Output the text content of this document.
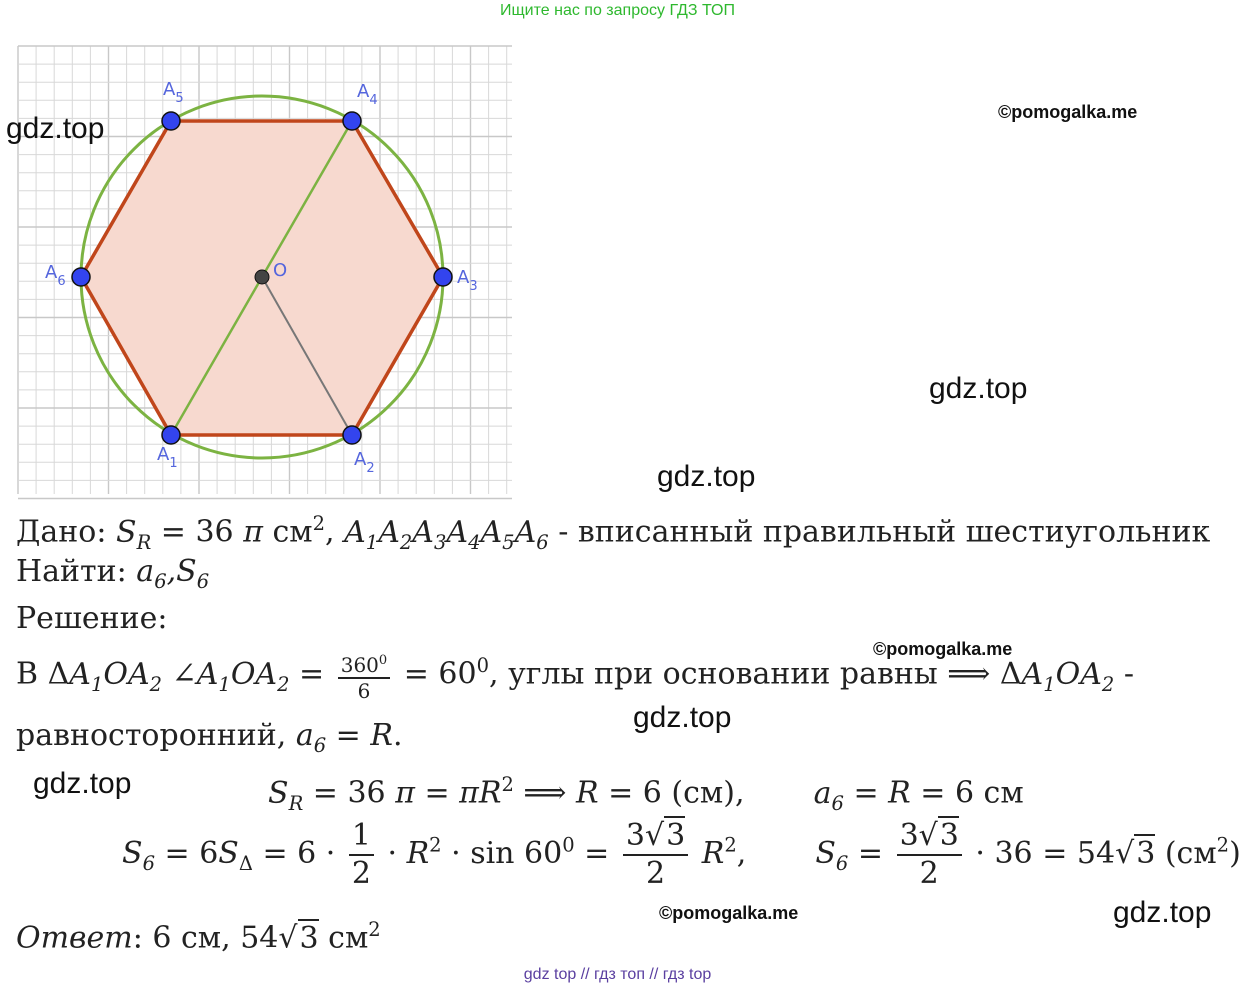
Ищите нас по запросу ГДЗ ТОП
$A_1$	$A_2$
$A_3$
$A_4$
$A_5$
$A_6$
O
gdz.top	©pomogalka.me
gdz.top
gdz.top
©pomogalka.me
gdz.top
gdz.top
©pomogalka.me	gdz.top
Дано: $S_R = 36$ π $см^2$, $A_1A_2A_3A_4A_5A_6$ - вписанный правильный шестиугольник
Найти: $a_6,S_6$
Решение:
В $\Delta A_1OA_2$ $\angle A_1OA_2 = \frac{360^0}{6} = 60^0$, углы при основании равны ⟹ $\Delta A_1OA_2$ -
равносторонний, $a_6 = R$.
$S_R = 36$ $\pi = \pi R^2$ ⟹ R = 6 (см), $a_6 = R = 6$ см
$S_6 = 6S_\Delta = 6 \cdot \frac{1}{2} \cdot R^2 \cdot \sin 60^0 = \frac{3√3}{2} R^2$,  $S_6 = \frac{3√3}{2} \cdot 36 = 54√3$ $(см^2)$
Ответ: 6 см, 54√3 $см^2$
gdz top // гдз топ // гдз top
